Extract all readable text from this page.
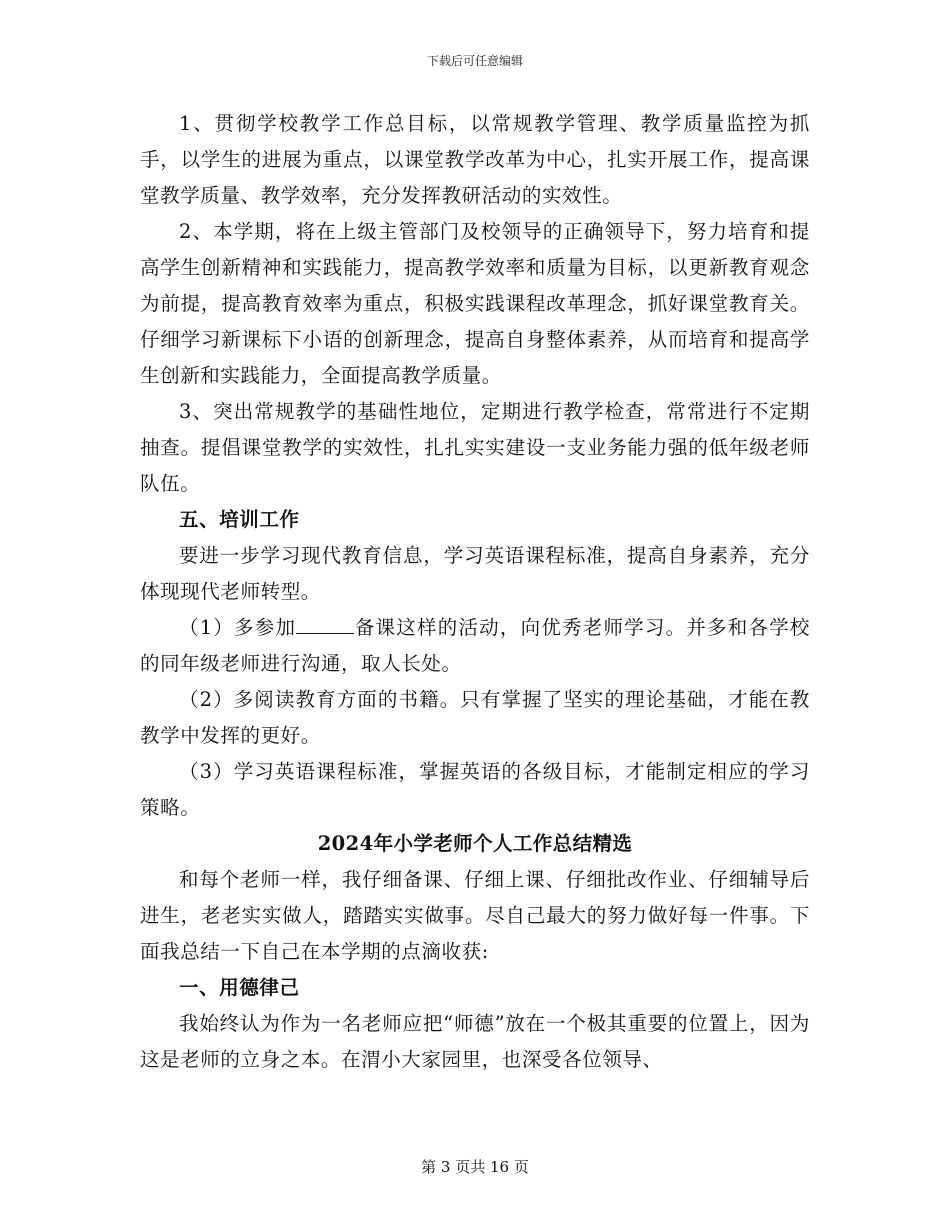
下载后可任意编辑

1、贯彻学校教学工作总目标，以常规教学管理、教学质量监控为抓手，以学生的进展为重点，以课堂教学改革为中心，扎实开展工作，提高课堂教学质量、教学效率，充分发挥教研活动的实效性。

2、本学期，将在上级主管部门及校领导的正确领导下，努力培育和提高学生创新精神和实践能力，提高教学效率和质量为目标，以更新教育观念为前提，提高教育效率为重点，积极实践课程改革理念，抓好课堂教育关。仔细学习新课标下小语的创新理念，提高自身整体素养，从而培育和提高学生创新和实践能力，全面提高教学质量。

3、突出常规教学的基础性地位，定期进行教学检查，常常进行不定期抽查。提倡课堂教学的实效性，扎扎实实建设一支业务能力强的低年级老师队伍。

五、培训工作

要进一步学习现代教育信息，学习英语课程标准，提高自身素养，充分体现现代老师转型。

（1）多参加	备课这样的活动，向优秀老师学习。并多和各学校的同年级老师进行沟通，取人长处。

（2）多阅读教育方面的书籍。只有掌握了坚实的理论基础，才能在教教学中发挥的更好。

（3）学习英语课程标准，掌握英语的各级目标，才能制定相应的学习策略。

2024年小学老师个人工作总结精选

和每个老师一样，我仔细备课、仔细上课、仔细批改作业、仔细辅导后进生，老老实实做人，踏踏实实做事。尽自己最大的努力做好每一件事。下面我总结一下自己在本学期的点滴收获:

一、用德律己

我始终认为作为一名老师应把“师德”放在一个极其重要的位置上，因为这是老师的立身之本。在渭小大家园里，也深受各位领导、

第 3 页共 16 页
